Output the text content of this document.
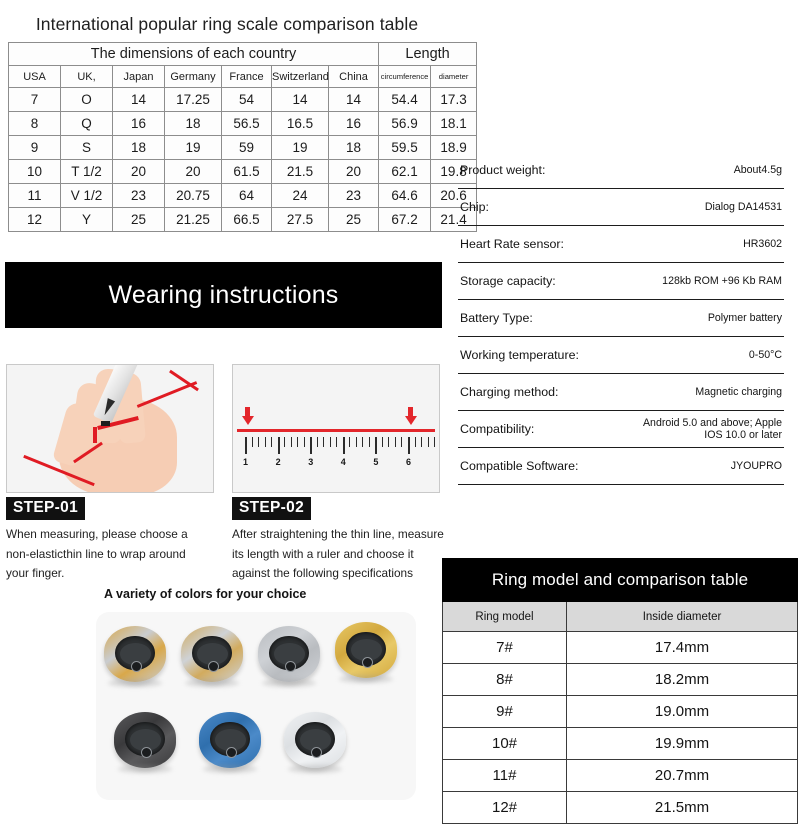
International popular ring scale comparison table
The dimensions of each country							Length	
USA	UK,	Japan	Germany	France	Switzerland	China	circumference	diameter
7	O	14	17.25	54	14	14	54.4	17.3
8	Q	16	18	56.5	16.5	16	56.9	18.1
9	S	18	19	59	19	18	59.5	18.9
10	T 1/2	20	20	61.5	21.5	20	62.1	19.8
11	V 1/2	23	20.75	64	24	23	64.6	20.6
12	Y	25	21.25	66.5	27.5	25	67.2	21.4
Wearing instructions
1	2	3	4	5	6
STEP-01	STEP-02
When measuring, please choose a non-elasticthin line to wrap around your finger.
After straightening the thin line, measure its length with a ruler and choose it against the following specifications
A variety of colors for your choice
Product weight:	About4.5g
Chip:	Dialog DA14531
Heart Rate sensor:	HR3602
Storage capacity:	128kb ROM +96 Kb RAM
Battery Type:	Polymer battery
Working temperature:	0-50°C
Charging method:	Magnetic charging
Compatibility:	Android 5.0 and above; Apple IOS 10.0 or later
Compatible Software:	JYOUPRO
Ring model and comparison table
Ring model	Inside diameter
7#	17.4mm
8#	18.2mm
9#	19.0mm
10#	19.9mm
11#	20.7mm
12#	21.5mm
